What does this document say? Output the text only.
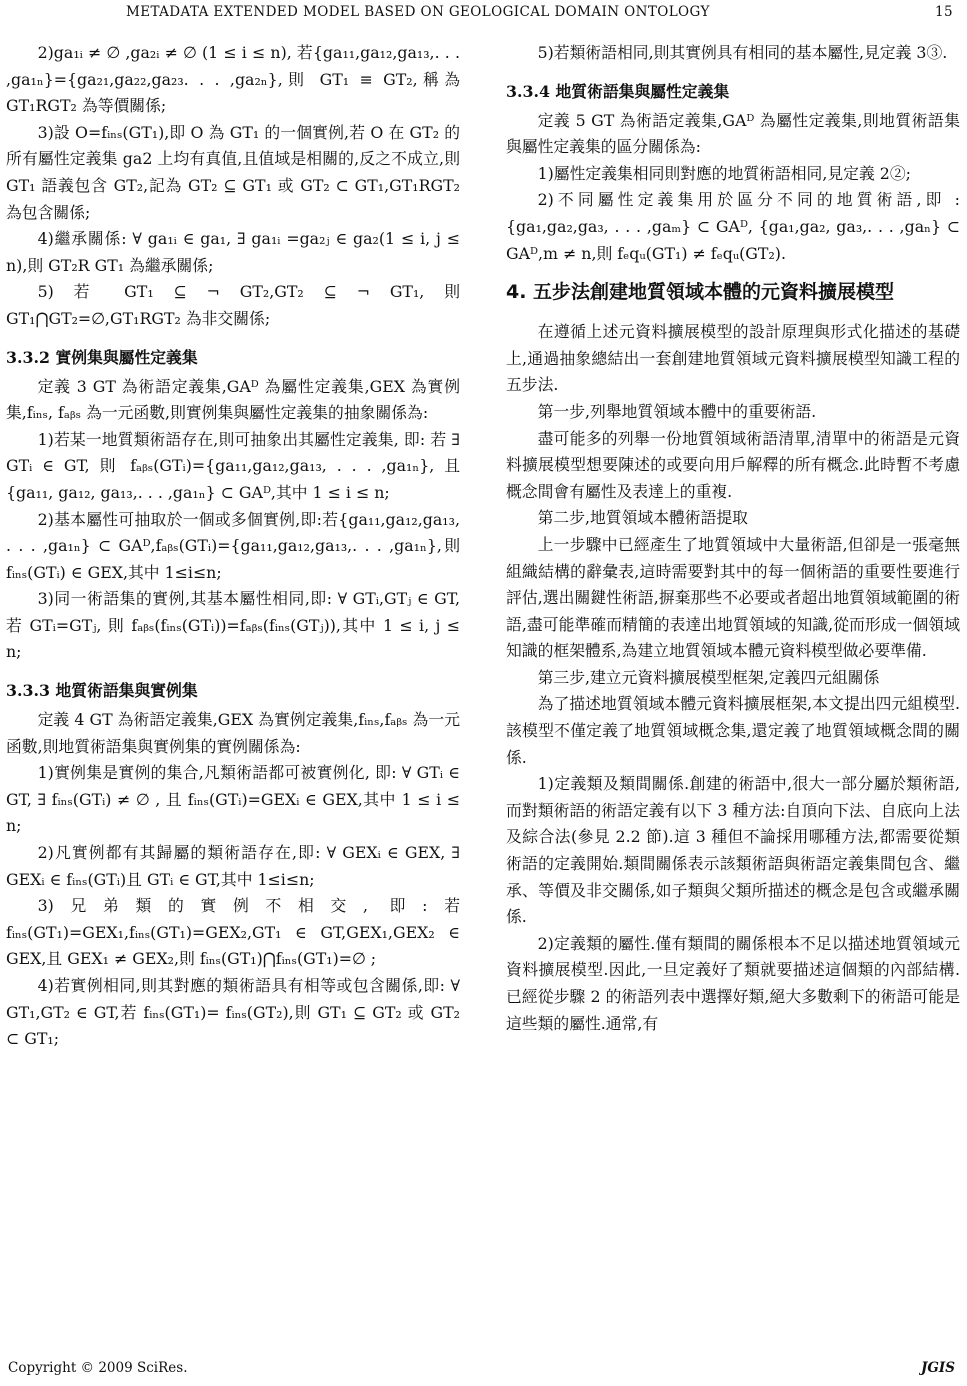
METADATA EXTENDED MODEL BASED ON GEOLOGICAL DOMAIN ONTOLOGY	15

2)ga₁ᵢ ≠ ∅ ,ga₂ᵢ ≠ ∅ (1 ≤ i ≤ n), 若{ga₁₁,ga₁₂,ga₁₃,. . . ,ga₁ₙ}={ga₂₁,ga₂₂,ga₂₃. . . ,ga₂ₙ},則 GT₁ ≡ GT₂,稱為 GT₁RGT₂ 為等價關係;

3)設 O=fᵢₙₛ(GT₁),即 O 為 GT₁ 的一個實例,若 O 在 GT₂ 的所有屬性定義集 ga2 上均有真值,且值域是相關的,反之不成立,則 GT₁ 語義包含 GT₂,記為 GT₂ ⊆ GT₁ 或 GT₂ ⊂ GT₁,GT₁RGT₂ 為包含關係;

4)繼承關係: ∀ ga₁ᵢ ∈ ga₁, ∃ ga₁ᵢ =ga₂ⱼ ∈ ga₂(1 ≤ i, j ≤ n),則 GT₂R GT₁ 為繼承關係;

5) 若 GT₁ ⊆ ¬ GT₂,GT₂ ⊆ ¬ GT₁, 則 GT₁⋂GT₂=∅,GT₁RGT₂ 為非交關係;

3.3.2 實例集與屬性定義集

定義 3 GT 為術語定義集,GAᴰ 為屬性定義集,GEX 為實例集,fᵢₙₛ, fₐᵦₛ 為一元函數,則實例集與屬性定義集的抽象關係為:

1)若某一地質類術語存在,則可抽象出其屬性定義集, 即: 若 ∃ GTᵢ ∈ GT, 則 fₐᵦₛ(GTᵢ)={ga₁₁,ga₁₂,ga₁₃, . . . ,ga₁ₙ}, 且 {ga₁₁, ga₁₂, ga₁₃,. . . ,ga₁ₙ} ⊂ GAᴰ,其中 1 ≤ i ≤ n;

2)基本屬性可抽取於一個或多個實例,即:若{ga₁₁,ga₁₂,ga₁₃, . . . ,ga₁ₙ} ⊂ GAᴰ,fₐᵦₛ(GTᵢ)={ga₁₁,ga₁₂,ga₁₃,. . . ,ga₁ₙ},則 fᵢₙₛ(GTᵢ) ∈ GEX,其中 1≤i≤n;

3)同一術語集的實例,其基本屬性相同,即: ∀ GTᵢ,GTⱼ ∈ GT, 若 GTᵢ=GTⱼ, 則 fₐᵦₛ(fᵢₙₛ(GTᵢ))=fₐᵦₛ(fᵢₙₛ(GTⱼ)),其中 1 ≤ i, j ≤ n;

3.3.3 地質術語集與實例集

定義 4 GT 為術語定義集,GEX 為實例定義集,fᵢₙₛ,fₐᵦₛ 為一元函數,則地質術語集與實例集的實例關係為:

1)實例集是實例的集合,凡類術語都可被實例化, 即: ∀ GTᵢ ∈ GT, ∃ fᵢₙₛ(GTᵢ) ≠ ∅ , 且 fᵢₙₛ(GTᵢ)=GEXᵢ ∈ GEX,其中 1 ≤ i ≤ n;

2)凡實例都有其歸屬的類術語存在,即: ∀ GEXᵢ ∈ GEX, ∃ GEXᵢ ∈ fᵢₙₛ(GTᵢ)且 GTᵢ ∈ GT,其中 1≤i≤n;

3)兄弟類的實例不相交, 即:若 fᵢₙₛ(GT₁)=GEX₁,fᵢₙₛ(GT₁)=GEX₂,GT₁ ∈ GT,GEX₁,GEX₂ ∈ GEX,且 GEX₁ ≠ GEX₂,則 fᵢₙₛ(GT₁)⋂fᵢₙₛ(GT₁)=∅ ;

4)若實例相同,則其對應的類術語具有相等或包含關係,即: ∀ GT₁,GT₂ ∈ GT,若 fᵢₙₛ(GT₁)= fᵢₙₛ(GT₂),則 GT₁ ⊆ GT₂ 或 GT₂ ⊂ GT₁;

5)若類術語相同,則其實例具有相同的基本屬性,見定義 3③.

3.3.4 地質術語集與屬性定義集

定義 5 GT 為術語定義集,GAᴰ 為屬性定義集,則地質術語集與屬性定義集的區分關係為:

1)屬性定義集相同則對應的地質術語相同,見定義 2②;

2)不同屬性定義集用於區分不同的地質術語,即 :{ga₁,ga₂,ga₃, . . . ,gaₘ} ⊂ GAᴰ, {ga₁,ga₂, ga₃,. . . ,gaₙ} ⊂ GAᴰ,m ≠ n,則 fₑqᵤ(GT₁) ≠ fₑqᵤ(GT₂).

4. 五步法創建地質領域本體的元資料擴展模型

在遵循上述元資料擴展模型的設計原理與形式化描述的基礎上,通過抽象總結出一套創建地質領域元資料擴展模型知識工程的五步法.

第一步,列舉地質領域本體中的重要術語.

盡可能多的列舉一份地質領域術語清單,清單中的術語是元資料擴展模型想要陳述的或要向用戶解釋的所有概念.此時暫不考慮概念間會有屬性及表達上的重複.

第二步,地質領域本體術語提取

上一步驟中已經產生了地質領域中大量術語,但卻是一張毫無組織結構的辭彙表,這時需要對其中的每一個術語的重要性要進行評估,選出關鍵性術語,摒棄那些不必要或者超出地質領域範圍的術語,盡可能準確而精簡的表達出地質領域的知識,從而形成一個領域知識的框架體系,為建立地質領域本體元資料模型做必要準備.

第三步,建立元資料擴展模型框架,定義四元組關係

為了描述地質領域本體元資料擴展框架,本文提出四元組模型.該模型不僅定義了地質領域概念集,還定義了地質領域概念間的關係.

1)定義類及類間關係.創建的術語中,很大一部分屬於類術語,而對類術語的術語定義有以下 3 種方法:自頂向下法、自底向上法及綜合法(參見 2.2 節).這 3 種但不論採用哪種方法,都需要從類術語的定義開始.類間關係表示該類術語與術語定義集間包含、繼承、等價及非交關係,如子類與父類所描述的概念是包含或繼承關係.

2)定義類的屬性.僅有類間的關係根本不足以描述地質領域元資料擴展模型.因此,一旦定義好了類就要描述這個類的內部結構.已經從步驟 2 的術語列表中選擇好類,絕大多數剩下的術語可能是這些類的屬性.通常,有

Copyright © 2009 SciRes.	JGIS
